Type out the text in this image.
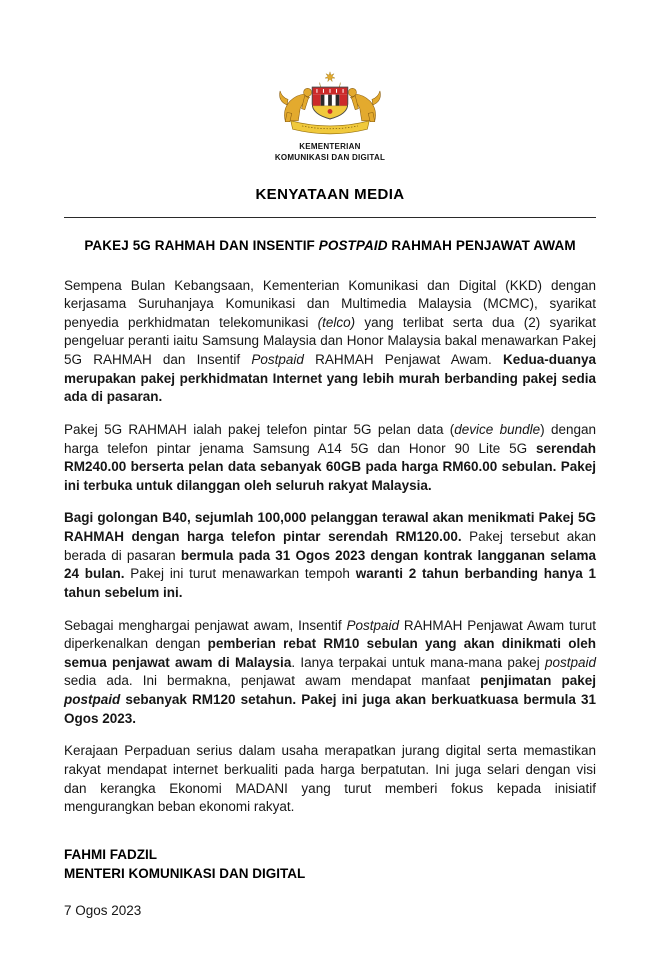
KEMENTERIAN
KOMUNIKASI DAN DIGITAL
KENYATAAN MEDIA
PAKEJ 5G RAHMAH DAN INSENTIF POSTPAID RAHMAH PENJAWAT AWAM

Sempena Bulan Kebangsaan, Kementerian Komunikasi dan Digital (KKD) dengan kerjasama Suruhanjaya Komunikasi dan Multimedia Malaysia (MCMC), syarikat penyedia perkhidmatan telekomunikasi (telco) yang terlibat serta dua (2) syarikat pengeluar peranti iaitu Samsung Malaysia dan Honor Malaysia bakal menawarkan Pakej 5G RAHMAH dan Insentif Postpaid RAHMAH Penjawat Awam. Kedua-duanya merupakan pakej perkhidmatan Internet yang lebih murah berbanding pakej sedia ada di pasaran.

Pakej 5G RAHMAH ialah pakej telefon pintar 5G pelan data (device bundle) dengan harga telefon pintar jenama Samsung A14 5G dan Honor 90 Lite 5G serendah RM240.00 berserta pelan data sebanyak 60GB pada harga RM60.00 sebulan. Pakej ini terbuka untuk dilanggan oleh seluruh rakyat Malaysia.

Bagi golongan B40, sejumlah 100,000 pelanggan terawal akan menikmati Pakej 5G RAHMAH dengan harga telefon pintar serendah RM120.00. Pakej tersebut akan berada di pasaran bermula pada 31 Ogos 2023 dengan kontrak langganan selama 24 bulan. Pakej ini turut menawarkan tempoh waranti 2 tahun berbanding hanya 1 tahun sebelum ini.

Sebagai menghargai penjawat awam, Insentif Postpaid RAHMAH Penjawat Awam turut diperkenalkan dengan pemberian rebat RM10 sebulan yang akan dinikmati oleh semua penjawat awam di Malaysia. Ianya terpakai untuk mana-mana pakej postpaid sedia ada. Ini bermakna, penjawat awam mendapat manfaat penjimatan pakej postpaid sebanyak RM120 setahun. Pakej ini juga akan berkuatkuasa bermula 31 Ogos 2023.

Kerajaan Perpaduan serius dalam usaha merapatkan jurang digital serta memastikan rakyat mendapat internet berkualiti pada harga berpatutan. Ini juga selari dengan visi dan kerangka Ekonomi MADANI yang turut memberi fokus kepada inisiatif mengurangkan beban ekonomi rakyat.

FAHMI FADZIL
MENTERI KOMUNIKASI DAN DIGITAL
7 Ogos 2023
